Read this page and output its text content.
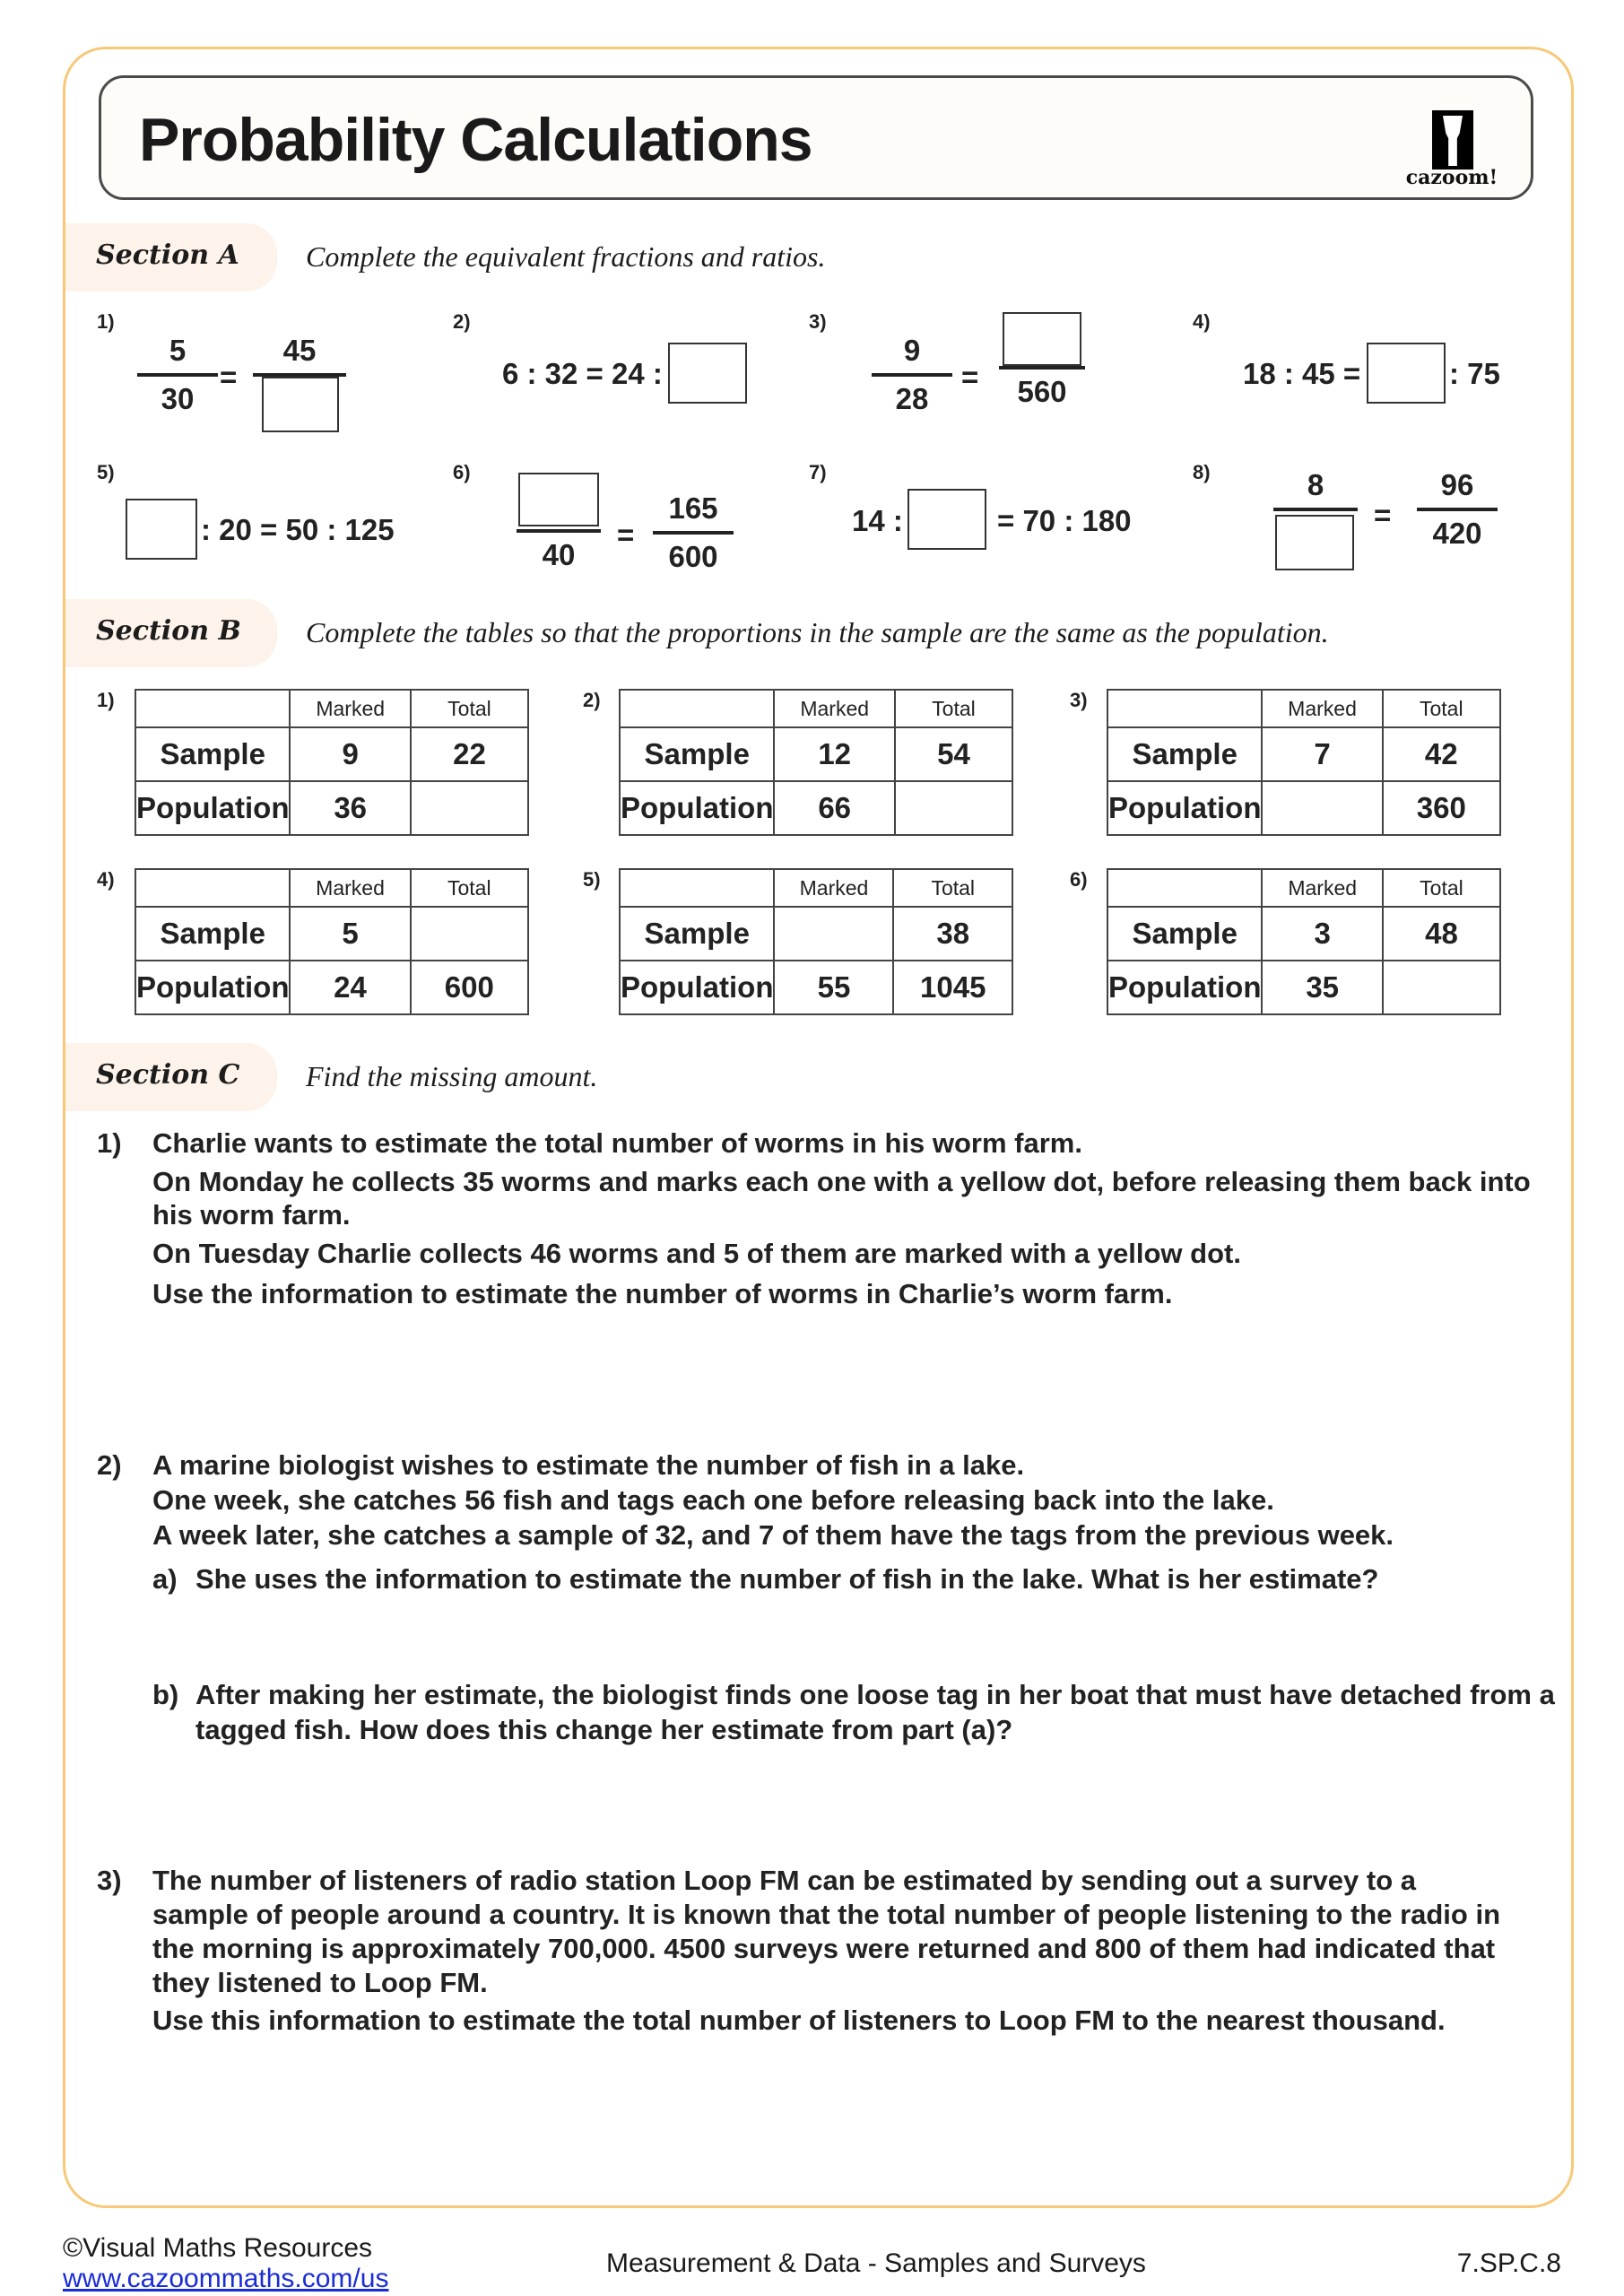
Probability Calculations
cazoom!
Section A Complete the equivalent fractions and ratios.
1)
5
30
=
45
2)
6 : 32 = 24 :
3)
9
28
=	560
4)
18 : 45 =	: 75
5)
: 20 = 50 : 125
6)
40
=
165
600
7)
14 :	= 70 : 180
8)	8
=
96
420
Section B Complete the tables so that the proportions in the sample are the same as the population.
1)
		Marked	Total
Sample	9	22
Population	36	
2)
		Marked	Total
Sample	12	54
Population	66	
3)
		Marked	Total
Sample	7	42
Population		360
4)
		Marked	Total
Sample	5	
Population	24	600
5)
		Marked	Total
Sample		38
Population	55	1045
6)
		Marked	Total
Sample	3	48
Population	35	
Section C Find the missing amount.
1) Charlie wants to estimate the total number of worms in his worm farm.

On Monday he collects 35 worms and marks each one with a yellow dot, before releasing them back into his worm farm.

On Tuesday Charlie collects 46 worms and 5 of them are marked with a yellow dot.

Use the information to estimate the number of worms in Charlie’s worm farm.

2) A marine biologist wishes to estimate the number of fish in a lake.

One week, she catches 56 fish and tags each one before releasing back into the lake.

A week later, she catches a sample of 32, and 7 of them have the tags from the previous week.

a) She uses the information to estimate the number of fish in the lake. What is her estimate?
b) After making her estimate, the biologist finds one loose tag in her boat that must have detached from a tagged fish. How does this change her estimate from part (a)?
3) The number of listeners of radio station Loop FM can be estimated by sending out a survey to a sample of people around a country. It is known that the total number of people listening to the radio in the morning is approximately 700,000. 4500 surveys were returned and 800 of them had indicated that they listened to Loop FM.

Use this information to estimate the total number of listeners to Loop FM to the nearest thousand.

©Visual Maths Resources
www.cazoommaths.com/us
Measurement & Data - Samples and Surveys	7.SP.C.8
